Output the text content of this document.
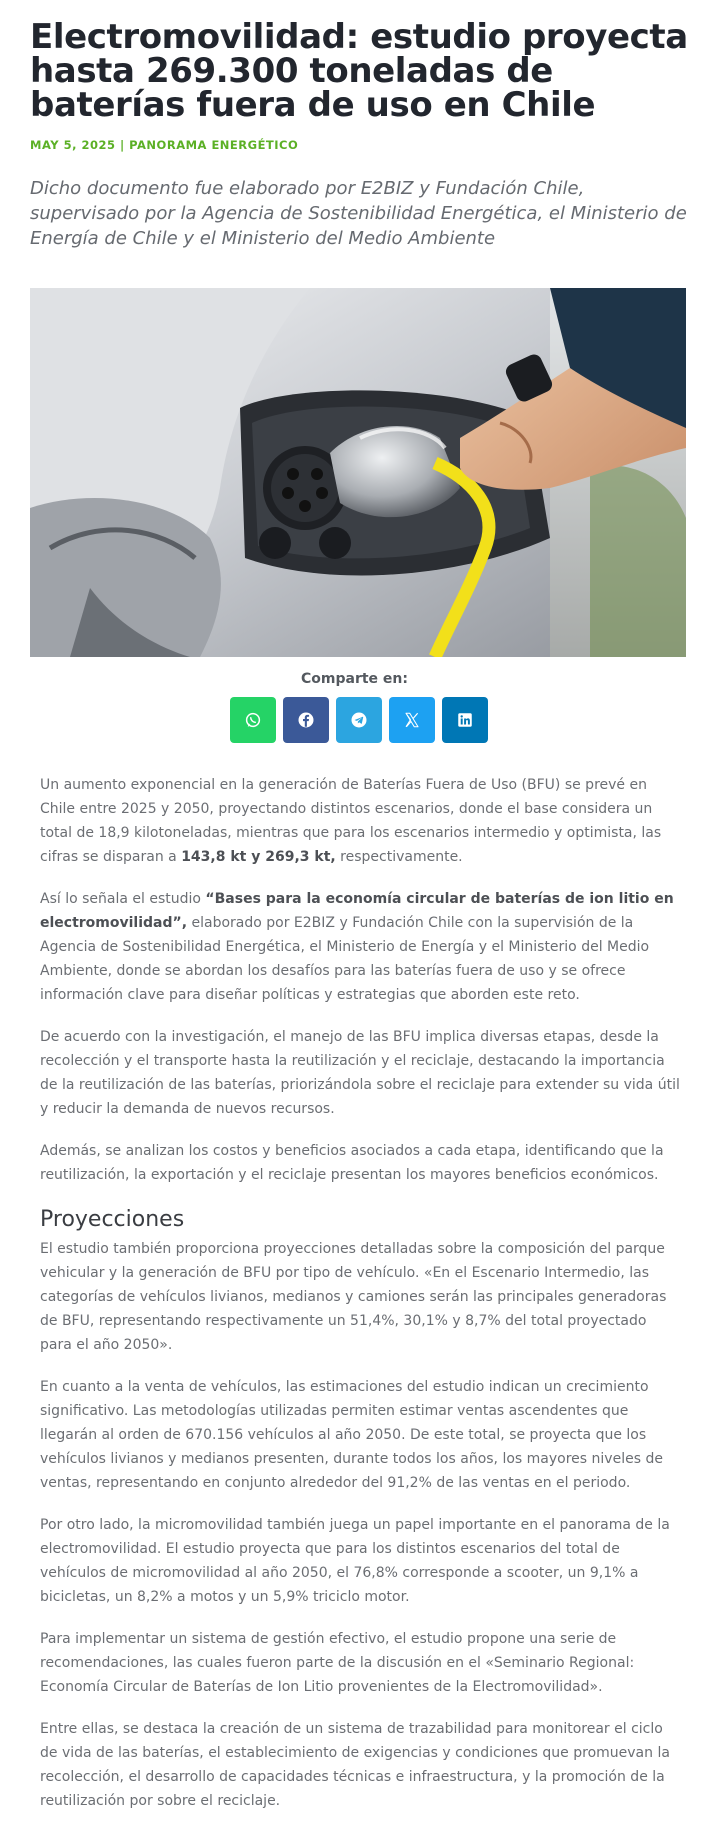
Electromovilidad: estudio proyecta hasta 269.300 toneladas de baterías fuera de uso en Chile

MAY 5, 2025 | PANORAMA ENERGÉTICO

Dicho documento fue elaborado por E2BIZ y Fundación Chile, supervisado por la Agencia de Sostenibilidad Energética, el Ministerio de Energía de Chile y el Ministerio del Medio Ambiente

Comparte en:

Un aumento exponencial en la generación de Baterías Fuera de Uso (BFU) se prevé en Chile entre 2025 y 2050, proyectando distintos escenarios, donde el base considera un total de 18,9 kilotoneladas, mientras que para los escenarios intermedio y optimista, las cifras se disparan a 143,8 kt y 269,3 kt, respectivamente.

Así lo señala el estudio “Bases para la economía circular de baterías de ion litio en electromovilidad”, elaborado por E2BIZ y Fundación Chile con la supervisión de la Agencia de Sostenibilidad Energética, el Ministerio de Energía y el Ministerio del Medio Ambiente, donde se abordan los desafíos para las baterías fuera de uso y se ofrece información clave para diseñar políticas y estrategias que aborden este reto.

De acuerdo con la investigación, el manejo de las BFU implica diversas etapas, desde la recolección y el transporte hasta la reutilización y el reciclaje, destacando la importancia de la reutilización de las baterías, priorizándola sobre el reciclaje para extender su vida útil y reducir la demanda de nuevos recursos.

Además, se analizan los costos y beneficios asociados a cada etapa, identificando que la reutilización, la exportación y el reciclaje presentan los mayores beneficios económicos.

Proyecciones

El estudio también proporciona proyecciones detalladas sobre la composición del parque vehicular y la generación de BFU por tipo de vehículo. «En el Escenario Intermedio, las categorías de vehículos livianos, medianos y camiones serán las principales generadoras de BFU, representando respectivamente un 51,4%, 30,1% y 8,7% del total proyectado para el año 2050».

En cuanto a la venta de vehículos, las estimaciones del estudio indican un crecimiento significativo. Las metodologías utilizadas permiten estimar ventas ascendentes que llegarán al orden de 670.156 vehículos al año 2050. De este total, se proyecta que los vehículos livianos y medianos presenten, durante todos los años, los mayores niveles de ventas, representando en conjunto alrededor del 91,2% de las ventas en el periodo.

Por otro lado, la micromovilidad también juega un papel importante en el panorama de la electromovilidad. El estudio proyecta que para los distintos escenarios del total de vehículos de micromovilidad al año 2050, el 76,8% corresponde a scooter, un 9,1% a bicicletas, un 8,2% a motos y un 5,9% triciclo motor.

Para implementar un sistema de gestión efectivo, el estudio propone una serie de recomendaciones, las cuales fueron parte de la discusión en el «Seminario Regional: Economía Circular de Baterías de Ion Litio provenientes de la Electromovilidad».

Entre ellas, se destaca la creación de un sistema de trazabilidad para monitorear el ciclo de vida de las baterías, el establecimiento de exigencias y condiciones que promuevan la recolección, el desarrollo de capacidades técnicas e infraestructura, y la promoción de la reutilización por sobre el reciclaje.
